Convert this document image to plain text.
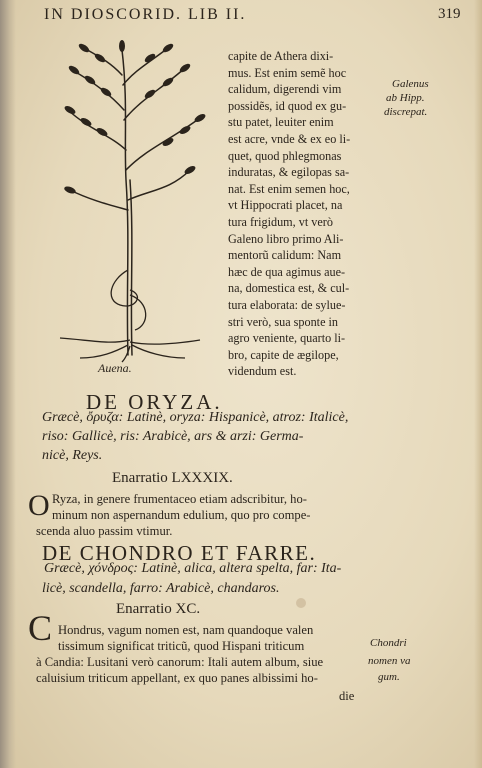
IN DIOSCORID. LIB II.	319
Auena.
capite de Athera dixi-
mus. Est enim semẽ hoc
calidum, digerendi vim
possidẽs, id quod ex gu-
stu patet, leuiter enim
est acre, vnde & ex eo li-
quet, quod phlegmonas
induratas, & egilopas sa-
nat. Est enim semen hoc,
vt Hippocrati placet, na
tura frigidum, vt verò
Galeno libro primo Ali-
mentorũ calidum: Nam
hæc de qua agimus aue-
na, domestica est, & cul-
tura elaborata: de sylue-
stri verò, sua sponte in
agro veniente, quarto li-
bro, capite de ægilope,
videndum est.
Galenus
ab Hipp.
discrepat.
DE ORYZA.
Græcè, ὄρυζα: Latinè, oryza: Hispanicè, atroz: Italicè,
riso: Gallicè, ris: Arabicè, ars & arzi: Germa-
nicè, Reys.
Enarratio LXXXIX.
O Ryza, in genere frumentaceo etiam adscribitur, ho-
minum non aspernandum edulium, quo pro compe-
scenda aluo passim vtimur.
DE CHONDRO ET FARRE.
Græcè, χόνδρος: Latinè, alica, altera spelta, far: Ita-
licè, scandella, farro: Arabicè, chandaros.
Enarratio XC.
C Hondrus, vagum nomen est, nam quandoque valen
tissimum significat triticũ, quod Hispani triticum
à Candia: Lusitani verò canorum: Itali autem album, siue
caluisium triticum appellant, ex quo panes albissimi ho-
die
Chondri
nomen va
gum.
